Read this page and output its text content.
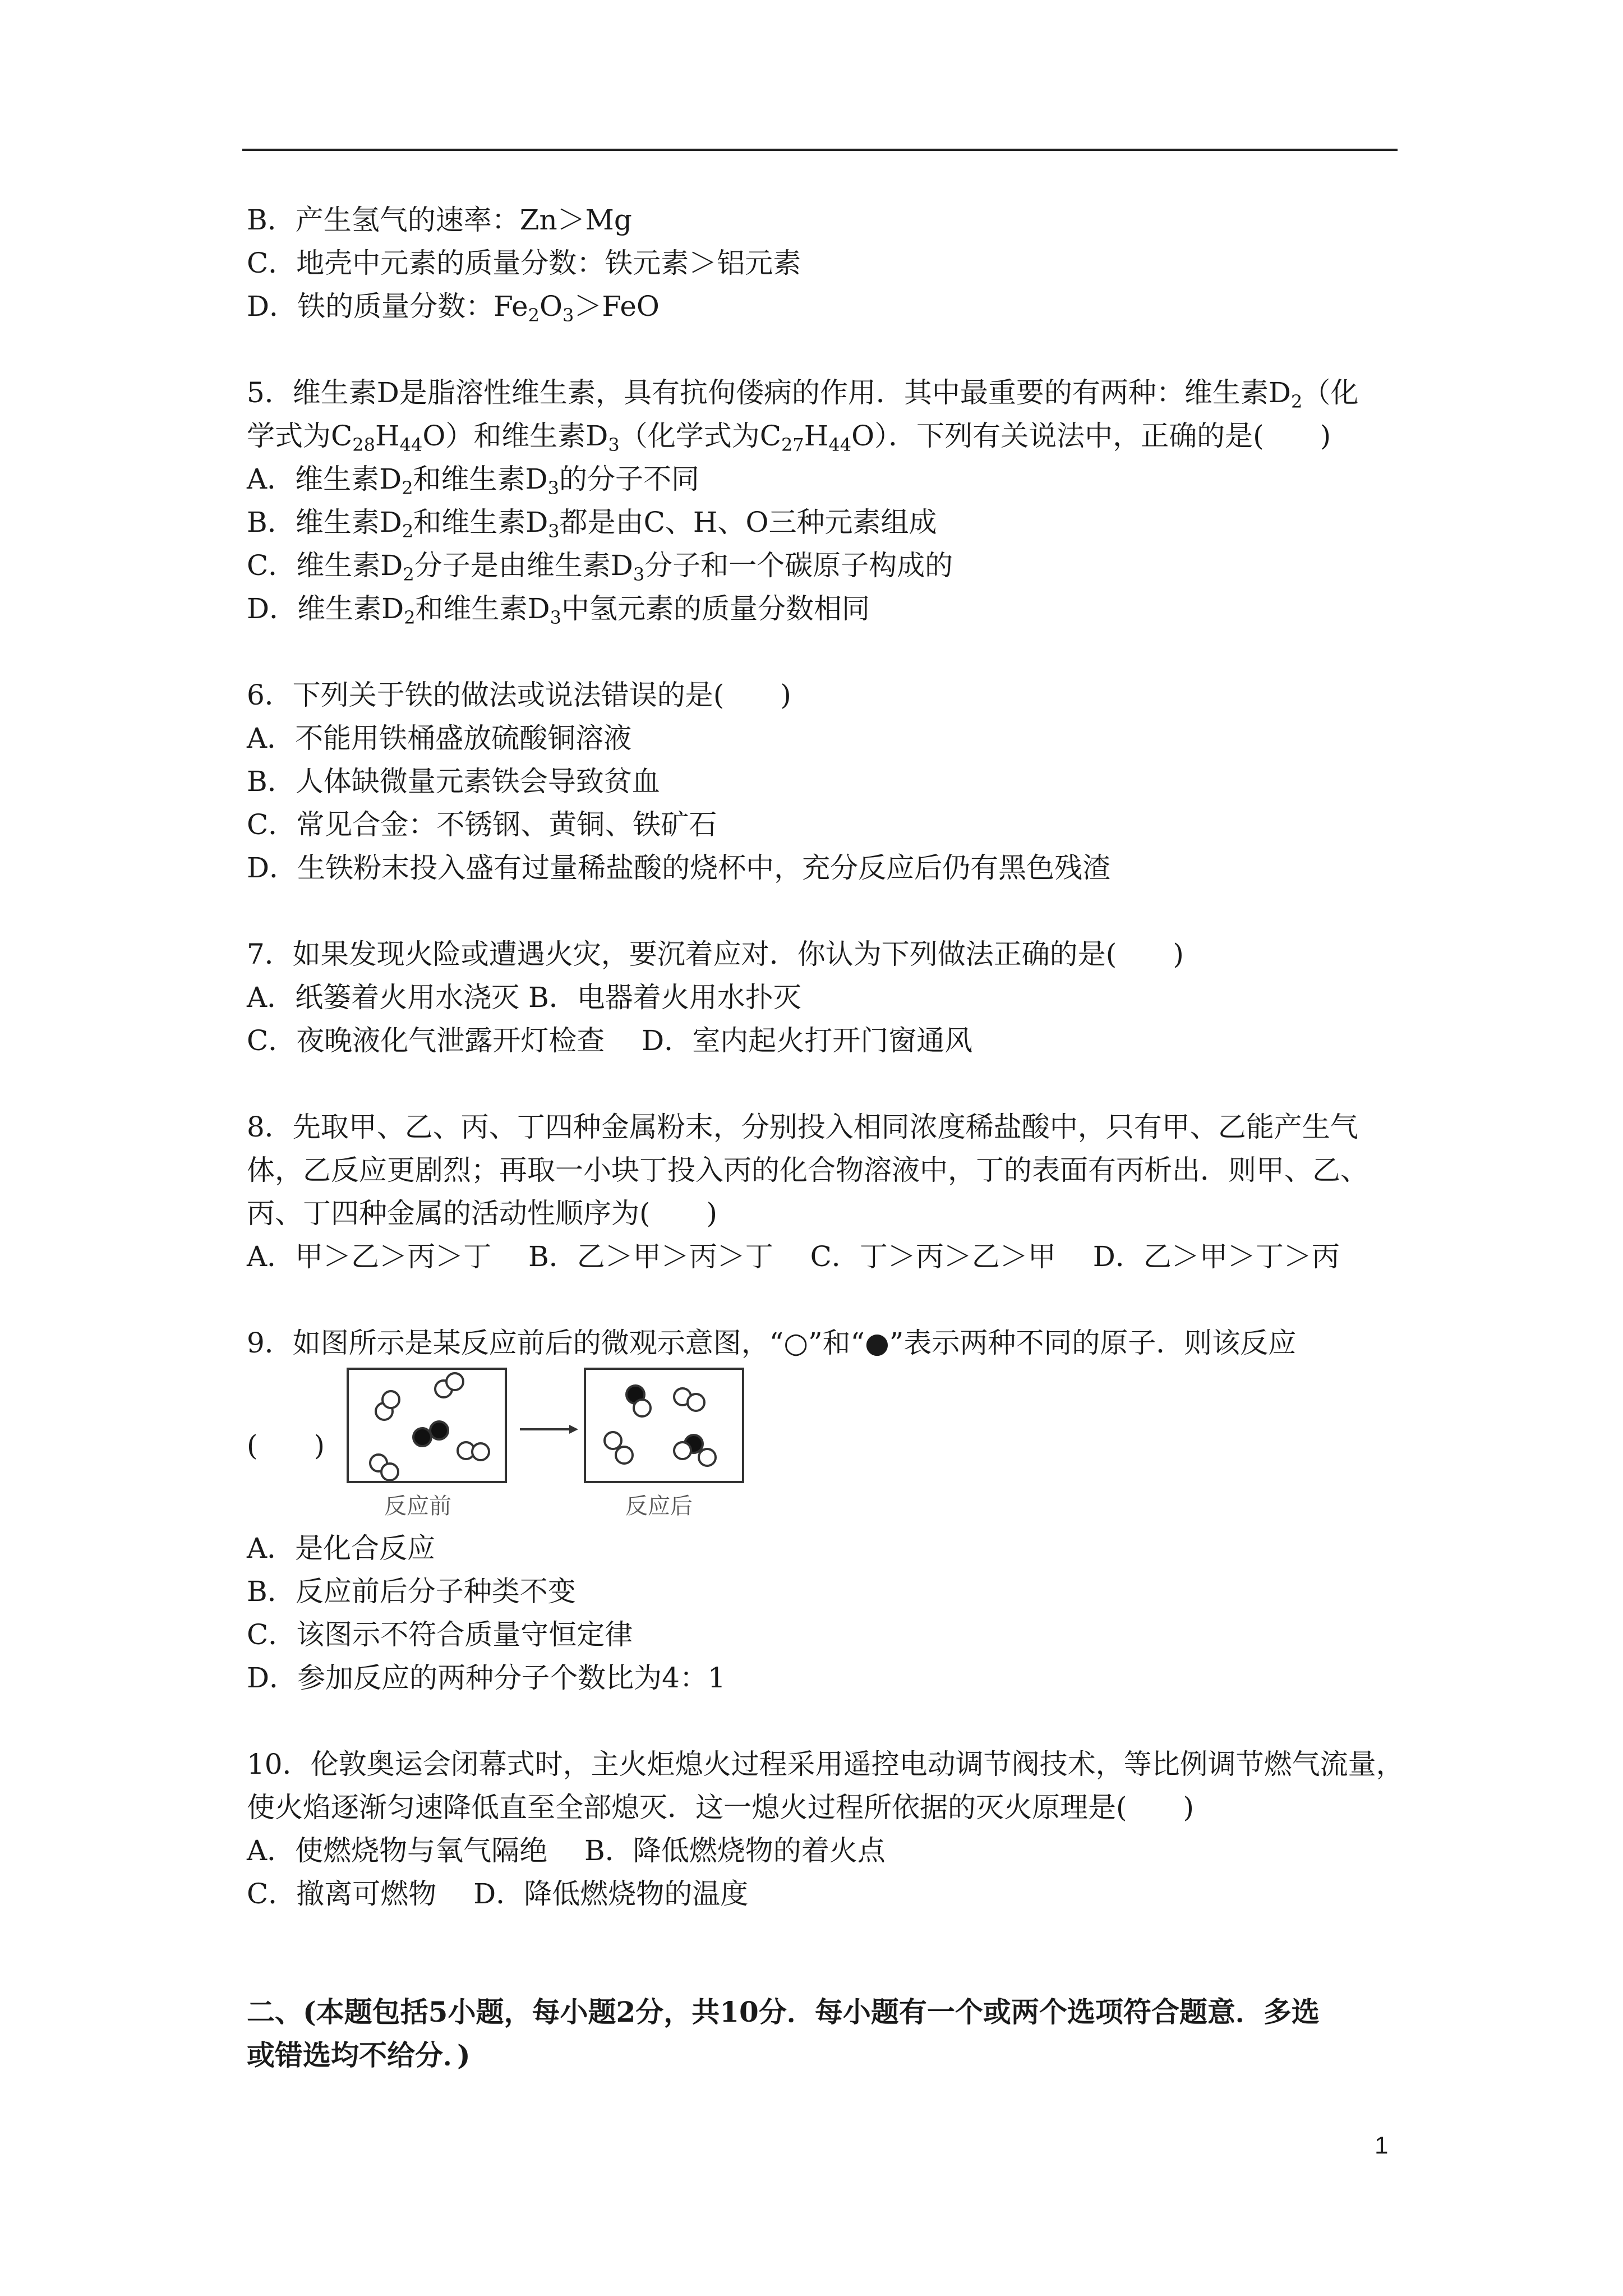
B．产生氢气的速率：Zn＞Mg
C．地壳中元素的质量分数：铁元素＞铝元素
D．铁的质量分数：$Fe_2O_3>FeO$
5．维生素D是脂溶性维生素，具有抗佝偻病的作用．其中最重要的有两种：维生素$D_2$（化
学式为$C_{28}H_{44}O$）和维生素$D_3$（化学式为$C_{27}H_{44}O$）．下列有关说法中，正确的是(　　)
A．维生素$D_2$和维生素$D_3$的分子不同
B．维生素$D_2$和维生素$D_3$都是由C、H、O三种元素组成
C．维生素$D_2$分子是由维生素$D_3$分子和一个碳原子构成的
D．维生素$D_2$和维生素$D_3$中氢元素的质量分数相同
6．下列关于铁的做法或说法错误的是(　　)
A．不能用铁桶盛放硫酸铜溶液
B．人体缺微量元素铁会导致贫血
C．常见合金：不锈钢、黄铜、铁矿石
D．生铁粉末投入盛有过量稀盐酸的烧杯中，充分反应后仍有黑色残渣
7．如果发现火险或遭遇火灾，要沉着应对．你认为下列做法正确的是(　　)
A．纸篓着火用水浇灭 B．电器着火用水扑灭
C．夜晚液化气泄露开灯检查　 D．室内起火打开门窗通风
8．先取甲、乙、丙、丁四种金属粉末，分别投入相同浓度稀盐酸中，只有甲、乙能产生气
体，乙反应更剧烈；再取一小块丁投入丙的化合物溶液中，丁的表面有丙析出．则甲、乙、
丙、丁四种金属的活动性顺序为(　　)
A．甲＞乙＞丙＞丁　 B．乙＞甲＞丙＞丁　 C．丁＞丙＞乙＞甲　 D．乙＞甲＞丁＞丙
9．如图所示是某反应前后的微观示意图，“○”和“●”表示两种不同的原子．则该反应
(　　)
反应前	反应后
A．是化合反应
B．反应前后分子种类不变
C．该图示不符合质量守恒定律
D．参加反应的两种分子个数比为4：1
10．伦敦奥运会闭幕式时，主火炬熄火过程采用遥控电动调节阀技术，等比例调节燃气流量，
使火焰逐渐匀速降低直至全部熄灭．这一熄火过程所依据的灭火原理是(　　)
A．使燃烧物与氧气隔绝　 B．降低燃烧物的着火点
C．撤离可燃物　 D．降低燃烧物的温度
二、(本题包括5小题，每小题2分，共10分．每小题有一个或两个选项符合题意．多选
或错选均不给分．)
1
